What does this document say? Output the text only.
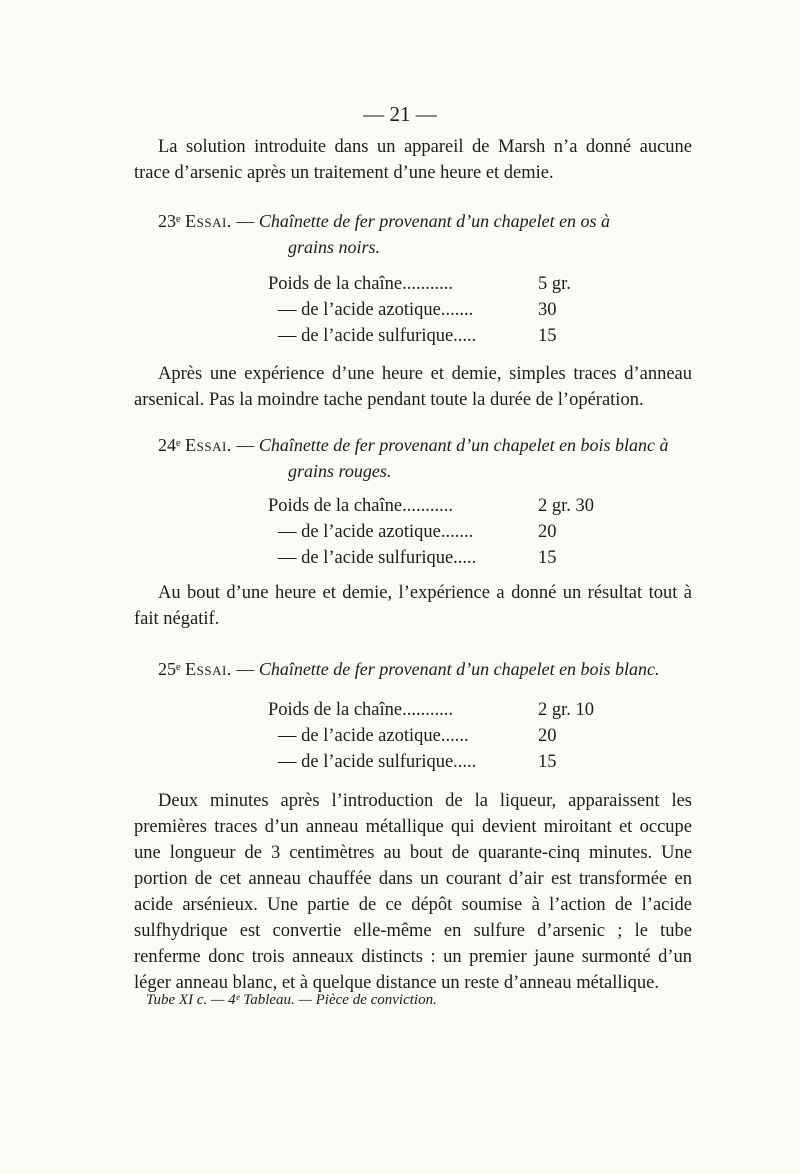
— 21 —
La solution introduite dans un appareil de Marsh n’a donné aucune trace d’arsenic après un traitement d’une heure et demie.
23ᵉ Essai. — Chaînette de fer provenant d’un chapelet en os à
grains noirs.
Poids de la chaîne...........	5 gr.
— de l’acide azotique.......	30
— de l’acide sulfurique.....	15
Après une expérience d’une heure et demie, simples traces d’anneau arsenical. Pas la moindre tache pendant toute la durée de l’opération.
24ᵉ Essai. — Chaînette de fer provenant d’un chapelet en bois blanc à
grains rouges.
Poids de la chaîne...........	2 gr. 30
— de l’acide azotique.......	20
— de l’acide sulfurique.....	15
Au bout d’une heure et demie, l’expérience a donné un résultat tout à fait négatif.
25ᵉ Essai. — Chaînette de fer provenant d’un chapelet en bois blanc.
Poids de la chaîne...........	2 gr. 10
— de l’acide azotique......	20
— de l’acide sulfurique.....	15
Deux minutes après l’introduction de la liqueur, apparaissent les premières traces d’un anneau métallique qui devient miroitant et occupe une longueur de 3 centimètres au bout de quarante-cinq minutes. Une portion de cet anneau chauffée dans un courant d’air est transformée en acide arsénieux. Une partie de ce dépôt soumise à l’action de l’acide sulfhydrique est convertie elle-même en sulfure d’arsenic ; le tube renferme donc trois anneaux distincts : un premier jaune surmonté d’un léger anneau blanc, et à quelque distance un reste d’anneau métallique.
Tube XI c. — 4ᵉ Tableau. — Pièce de conviction.
